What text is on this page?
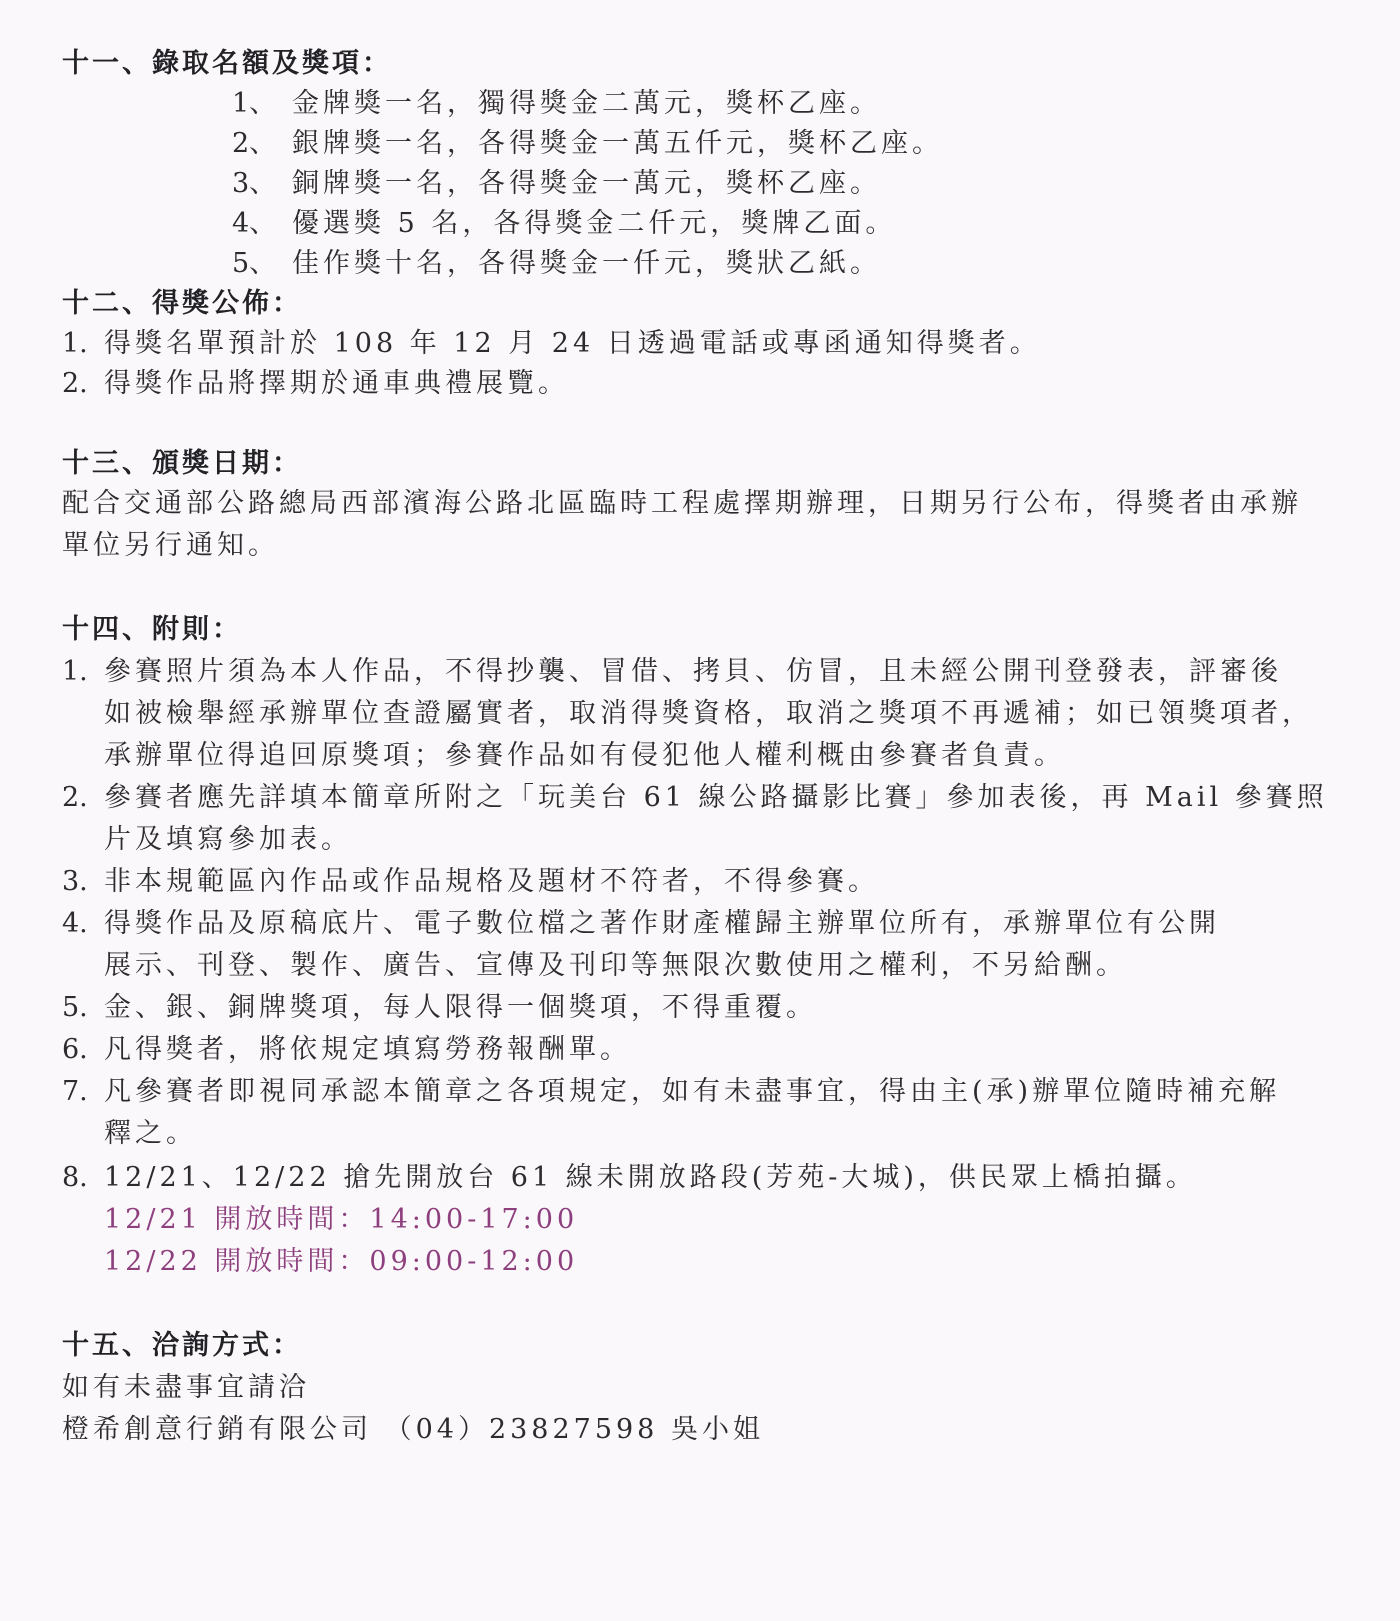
十一、錄取名額及獎項：
1、 金牌獎一名，獨得獎金二萬元，獎杯乙座。
2、 銀牌獎一名，各得獎金一萬五仟元，獎杯乙座。
3、 銅牌獎一名，各得獎金一萬元，獎杯乙座。
4、 優選獎 5 名，各得獎金二仟元，獎牌乙面。
5、 佳作獎十名，各得獎金一仟元，獎狀乙紙。
十二、得獎公佈：
1. 得獎名單預計於 108 年 12 月 24 日透過電話或專函通知得獎者。
2. 得獎作品將擇期於通車典禮展覽。
十三、頒獎日期：
配合交通部公路總局西部濱海公路北區臨時工程處擇期辦理，日期另行公布，得獎者由承辦
單位另行通知。
十四、附則：
1. 參賽照片須為本人作品，不得抄襲、冒借、拷貝、仿冒，且未經公開刊登發表，評審後
如被檢舉經承辦單位查證屬實者，取消得獎資格，取消之獎項不再遞補；如已領獎項者，
承辦單位得追回原獎項；參賽作品如有侵犯他人權利概由參賽者負責。
2. 參賽者應先詳填本簡章所附之「玩美台 61 線公路攝影比賽」參加表後，再 Mail 參賽照
片及填寫參加表。
3. 非本規範區內作品或作品規格及題材不符者，不得參賽。
4. 得獎作品及原稿底片、電子數位檔之著作財產權歸主辦單位所有，承辦單位有公開
展示、刊登、製作、廣告、宣傳及刊印等無限次數使用之權利，不另給酬。
5. 金、銀、銅牌獎項，每人限得一個獎項，不得重覆。
6. 凡得獎者，將依規定填寫勞務報酬單。
7. 凡參賽者即視同承認本簡章之各項規定，如有未盡事宜，得由主(承)辦單位隨時補充解
釋之。
8. 12/21、12/22 搶先開放台 61 線未開放路段(芳苑-大城)，供民眾上橋拍攝。
12/21 開放時間：14:00-17:00
12/22 開放時間：09:00-12:00
十五、洽詢方式：
如有未盡事宜請洽
橙希創意行銷有限公司 （04）23827598 吳小姐
